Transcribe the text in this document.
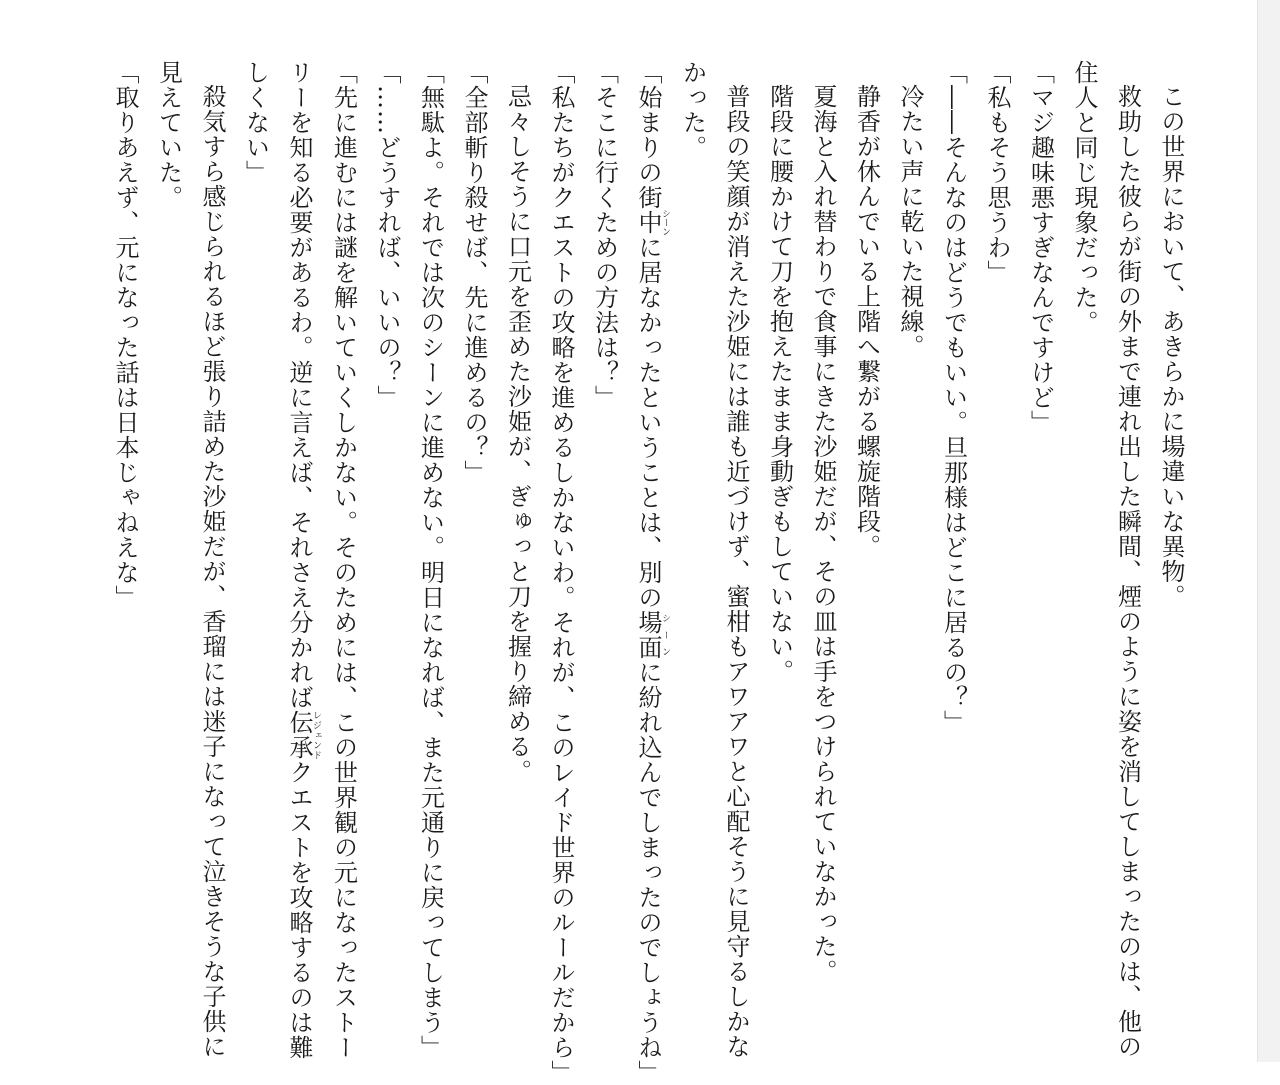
この世界において、あきらかに場違いな異物。

救助した彼らが街の外まで連れ出した瞬間、煙のように姿を消してしまったのは、他の

住人と同じ現象だった。

「マジ趣味悪すぎなんですけど」

「私もそう思うわ」

「――そんなのはどうでもいい。旦那様はどこに居るの？」

冷たい声に乾いた視線。

静香が休んでいる上階へ繋がる螺旋階段。

夏海と入れ替わりで食事にきた沙姫だが、その皿は手をつけられていなかった。

階段に腰かけて刀を抱えたまま身動ぎもしていない。

普段の笑顔が消えた沙姫には誰も近づけず、蜜柑もアワアワと心配そうに見守るしかな

かった。

「始まりの街中シーンに居なかったということは、別の場面シーンに紛れ込んでしまったのでしょうね」

「そこに行くための方法は？」

「私たちがクエストの攻略を進めるしかないわ。それが、このレイド世界のルールだから」

忌々しそうに口元を歪めた沙姫が、ぎゅっと刀を握り締める。

「全部斬り殺せば、先に進めるの？」

「無駄よ。それでは次のシーンに進めない。明日になれば、また元通りに戻ってしまう」

「……どうすれば、いいの？」

「先に進むには謎を解いていくしかない。そのためには、この世界観の元になったストー

リーを知る必要があるわ。逆に言えば、それさえ分かれば伝承レジェンドクエストを攻略するのは難

しくない」

殺気すら感じられるほど張り詰めた沙姫だが、香瑠には迷子になって泣きそうな子供に

見えていた。

「取りあえず、元になった話は日本じゃねえな」
